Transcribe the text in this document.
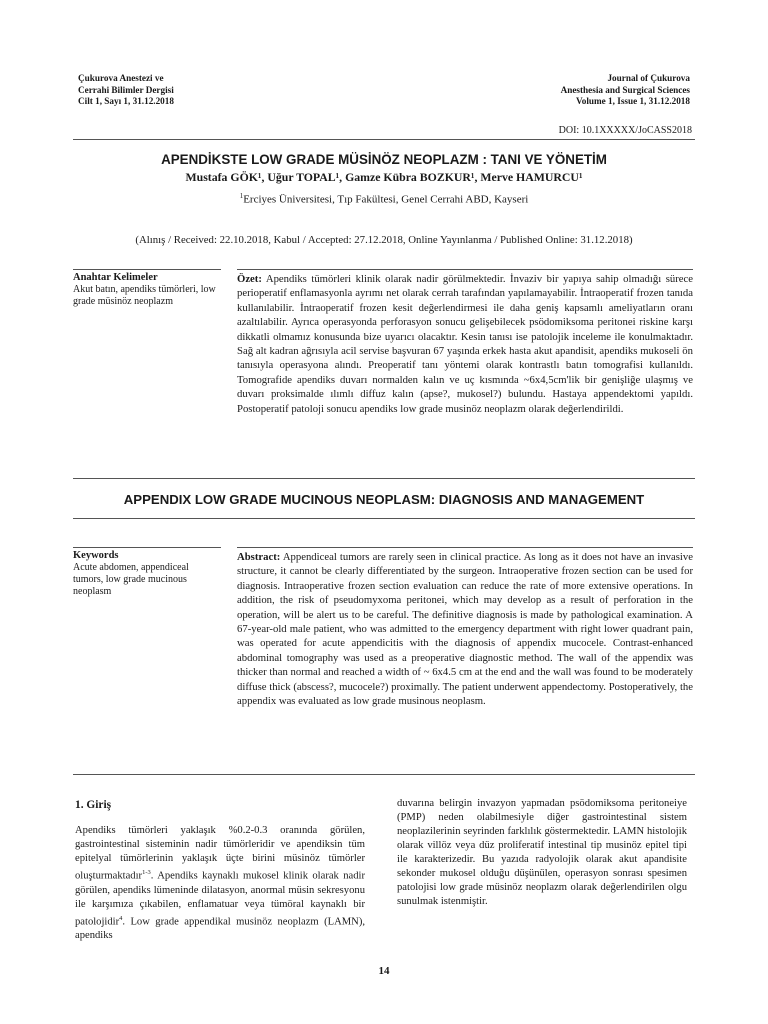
Çukurova Anestezi ve
Cerrahi Bilimler Dergisi
Cilt 1, Sayı 1, 31.12.2018
Journal of Çukurova
Anesthesia and Surgical Sciences
Volume 1, Issue 1, 31.12.2018
DOI: 10.1XXXXX/JoCASS2018
APENDİKSTE LOW GRADE MÜSİNÖZ NEOPLAZM : TANI VE YÖNETİM
Mustafa GÖK¹, Uğur TOPAL¹, Gamze Kübra BOZKUR¹, Merve HAMURCU¹
$^1$Erciyes Üniversitesi, Tıp Fakültesi, Genel Cerrahi ABD, Kayseri
(Alınış / Received: 22.10.2018, Kabul / Accepted: 27.12.2018, Online Yayınlanma / Published Online: 31.12.2018)
Anahtar Kelimeler
Akut batın, apendiks tümörleri, low grade müsinöz neoplazm
Özet: Apendiks tümörleri klinik olarak nadir görülmektedir. İnvaziv bir yapıya sahip olmadığı sürece perioperatif enflamasyonla ayrımı net olarak cerrah tarafından yapılamayabilir. İntraoperatif frozen tanıda kullanılabilir. İntraoperatif frozen kesit değerlendirmesi ile daha geniş kapsamlı ameliyatların oranı azaltılabilir. Ayrıca operasyonda perforasyon sonucu gelişebilecek psödomiksoma peritonei riskine karşı dikkatli olmamız konusunda bize uyarıcı olacaktır. Kesin tanısı ise patolojik inceleme ile konulmaktadır. Sağ alt kadran ağrısıyla acil servise başvuran 67 yaşında erkek hasta akut apandisit, apendiks mukoseli ön tanısıyla operasyona alındı. Preoperatif tanı yöntemi olarak kontrastlı batın tomografisi kullanıldı. Tomografide apendiks duvarı normalden kalın ve uç kısmında ~6x4,5cm'lik bir genişliğe ulaşmış ve duvarı proksimalde ılımlı diffuz kalın (apse?, mukosel?) bulundu. Hastaya appendektomi yapıldı. Postoperatif patoloji sonucu apendiks low grade musinöz neoplazm olarak değerlendirildi.
APPENDIX LOW GRADE MUCINOUS NEOPLASM: DIAGNOSIS AND MANAGEMENT
Keywords
Acute abdomen, appendiceal tumors, low grade mucinous neoplasm
Abstract: Appendiceal tumors are rarely seen in clinical practice. As long as it does not have an invasive structure, it cannot be clearly differentiated by the surgeon. Intraoperative frozen section can be used for diagnosis. Intraoperative frozen section evaluation can reduce the rate of more extensive operations. In addition, the risk of pseudomyxoma peritonei, which may develop as a result of perforation in the operation, will be alert us to be careful. The definitive diagnosis is made by pathological examination. A 67-year-old male patient, who was admitted to the emergency department with right lower quadrant pain, was operated for acute appendicitis with the diagnosis of appendix mucocele. Contrast-enhanced abdominal tomography was used as a preoperative diagnostic method. The wall of the appendix was thicker than normal and reached a width of ~ 6x4.5 cm at the end and the wall was found to be moderately diffuse thick (abscess?, mucocele?) proximally. The patient underwent appendectomy. Postoperatively, the appendix was evaluated as low grade musinous neoplasm.
1. Giriş
Apendiks tümörleri yaklaşık %0.2-0.3 oranında görülen, gastrointestinal sisteminin nadir tümörleridir ve apendiksin tüm epitelyal tümörlerinin yaklaşık üçte birini müsinöz tümörler oluşturmaktadır$^{1-3}$. Apendiks kaynaklı mukosel klinik olarak nadir görülen, apendiks lümeninde dilatasyon, anormal müsin sekresyonu ile karşımıza çıkabilen, enflamatuar veya tümöral kaynaklı bir patolojidir$^4$. Low grade appendikal musinöz neoplazm (LAMN), apendiks
duvarına belirgin invazyon yapmadan psödomiksoma peritoneiye (PMP) neden olabilmesiyle diğer gastrointestinal sistem neoplazilerinin seyrinden farklılık göstermektedir. LAMN histolojik olarak villöz veya düz proliferatif intestinal tip musinöz epitel tipi ile karakterizedir. Bu yazıda radyolojik olarak akut apandisite sekonder mukosel olduğu düşünülen, operasyon sonrası spesimen patolojisi low grade müsinöz neoplazm olarak değerlendirilen olgu sunulmak istenmiştir.
14
